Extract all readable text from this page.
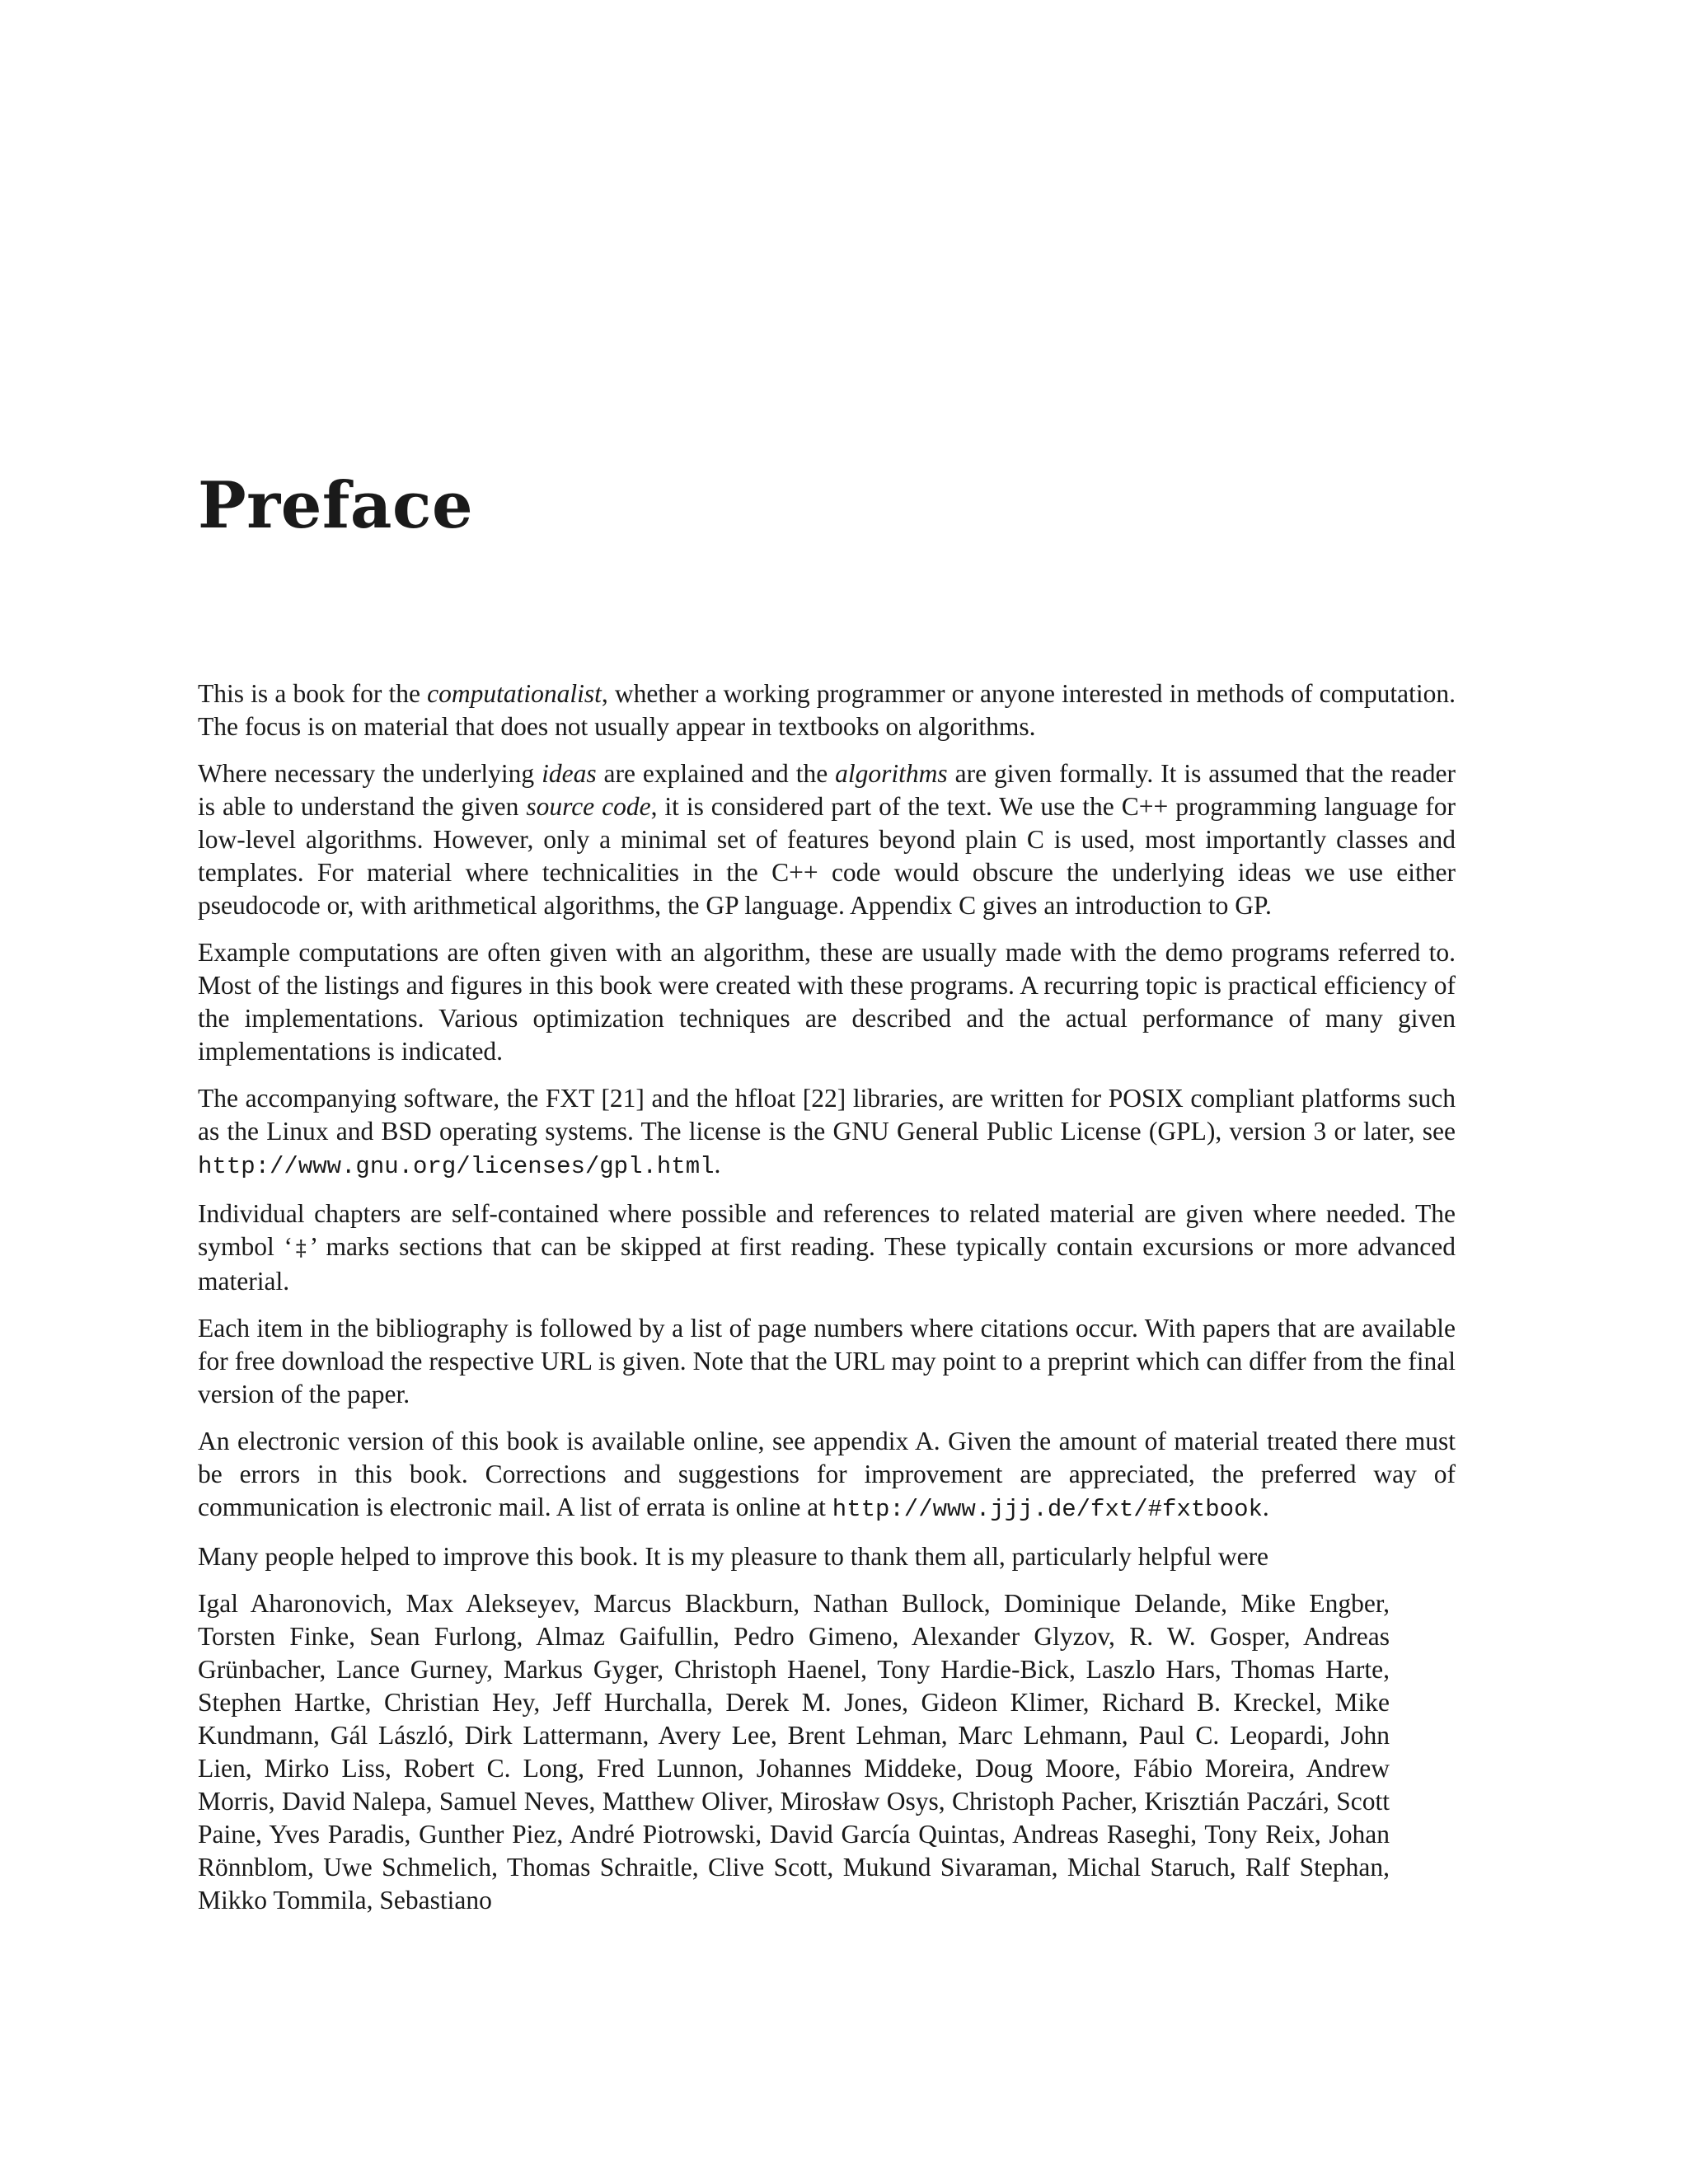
Preface

This is a book for the computationalist, whether a working programmer or anyone interested in methods of computation. The focus is on material that does not usually appear in textbooks on algorithms.

Where necessary the underlying ideas are explained and the algorithms are given formally. It is assumed that the reader is able to understand the given source code, it is considered part of the text. We use the C++ programming language for low-level algorithms. However, only a minimal set of features beyond plain C is used, most importantly classes and templates. For material where technicalities in the C++ code would obscure the underlying ideas we use either pseudocode or, with arithmetical algorithms, the GP language. Appendix C gives an introduction to GP.

Example computations are often given with an algorithm, these are usually made with the demo programs referred to. Most of the listings and figures in this book were created with these programs. A recurring topic is practical efficiency of the implementations. Various optimization techniques are described and the actual performance of many given implementations is indicated.

The accompanying software, the FXT [21] and the hfloat [22] libraries, are written for POSIX compliant platforms such as the Linux and BSD operating systems. The license is the GNU General Public License (GPL), version 3 or later, see http://www.gnu.org/licenses/gpl.html.

Individual chapters are self-contained where possible and references to related material are given where needed. The symbol ‘‡’ marks sections that can be skipped at first reading. These typically contain excursions or more advanced material.

Each item in the bibliography is followed by a list of page numbers where citations occur. With papers that are available for free download the respective URL is given. Note that the URL may point to a preprint which can differ from the final version of the paper.

An electronic version of this book is available online, see appendix A. Given the amount of material treated there must be errors in this book. Corrections and suggestions for improvement are appreciated, the preferred way of communication is electronic mail. A list of errata is online at http://www.jjj.de/fxt/#fxtbook.

Many people helped to improve this book. It is my pleasure to thank them all, particularly helpful were

Igal Aharonovich, Max Alekseyev, Marcus Blackburn, Nathan Bullock, Dominique Delande, Mike Engber, Torsten Finke, Sean Furlong, Almaz Gaifullin, Pedro Gimeno, Alexander Glyzov, R. W. Gosper, Andreas Grünbacher, Lance Gurney, Markus Gyger, Christoph Haenel, Tony Hardie-Bick, Laszlo Hars, Thomas Harte, Stephen Hartke, Christian Hey, Jeff Hurchalla, Derek M. Jones, Gideon Klimer, Richard B. Kreckel, Mike Kundmann, Gál László, Dirk Lattermann, Avery Lee, Brent Lehman, Marc Lehmann, Paul C. Leopardi, John Lien, Mirko Liss, Robert C. Long, Fred Lunnon, Johannes Middeke, Doug Moore, Fábio Moreira, Andrew Morris, David Nalepa, Samuel Neves, Matthew Oliver, Mirosław Osys, Christoph Pacher, Krisztián Paczári, Scott Paine, Yves Paradis, Gunther Piez, André Piotrowski, David García Quintas, Andreas Raseghi, Tony Reix, Johan Rönnblom, Uwe Schmelich, Thomas Schraitle, Clive Scott, Mukund Sivaraman, Michal Staruch, Ralf Stephan, Mikko Tommila, Sebastiano
